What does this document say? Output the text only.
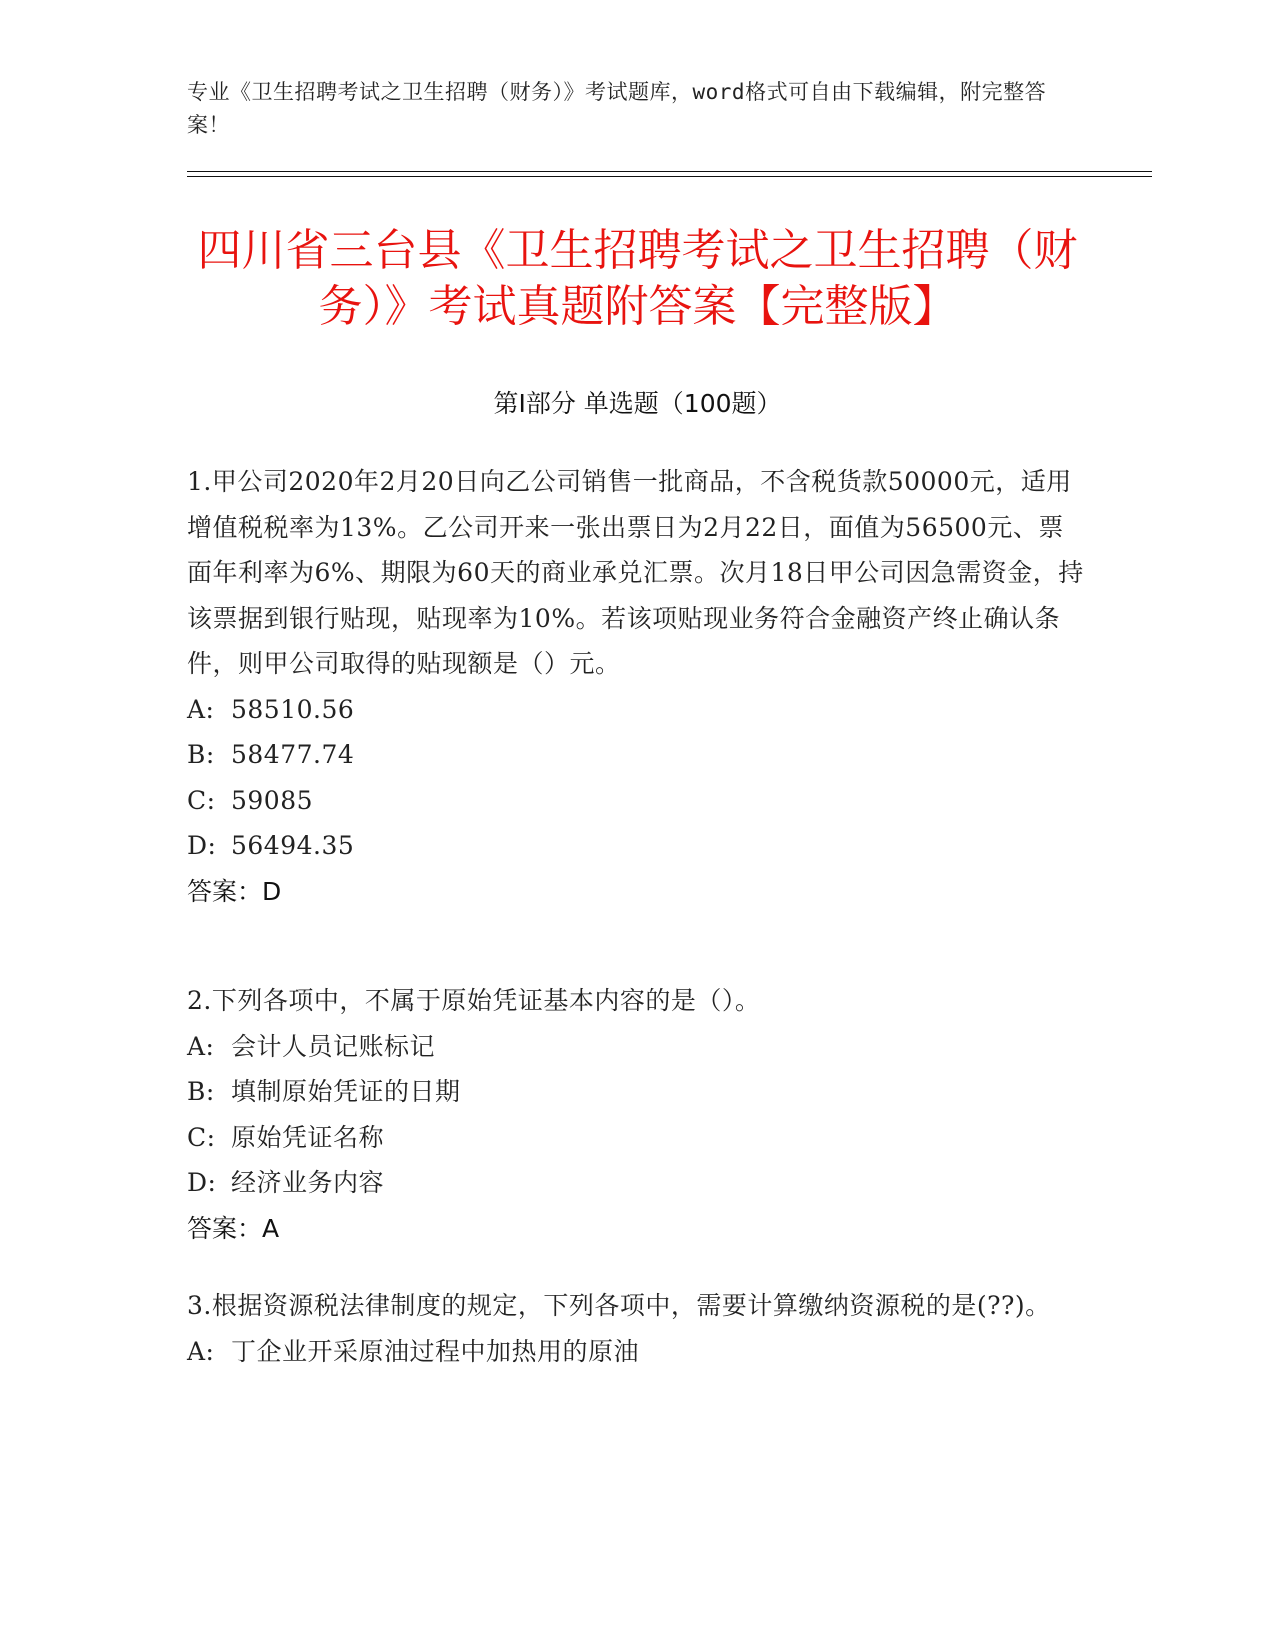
专业《卫生招聘考试之卫生招聘（财务）》考试题库，word格式可自由下载编辑，附完整答案！
四川省三台县《卫生招聘考试之卫生招聘（财务）》考试真题附答案【完整版】
第Ⅰ部分 单选题（100题）
1.甲公司2020年2月20日向乙公司销售一批商品，不含税货款50000元，适用增值税税率为13%。乙公司开来一张出票日为2月22日，面值为56500元、票面年利率为6%、期限为60天的商业承兑汇票。次月18日甲公司因急需资金，持该票据到银行贴现，贴现率为10%。若该项贴现业务符合金融资产终止确认条件，则甲公司取得的贴现额是（）元。
A: 58510.56
B: 58477.74
C: 59085
D: 56494.35
答案：D
2.下列各项中，不属于原始凭证基本内容的是（）。
A: 会计人员记账标记
B: 填制原始凭证的日期
C: 原始凭证名称
D: 经济业务内容
答案：A
3.根据资源税法律制度的规定，下列各项中，需要计算缴纳资源税的是(??)。
A: 丁企业开采原油过程中加热用的原油
